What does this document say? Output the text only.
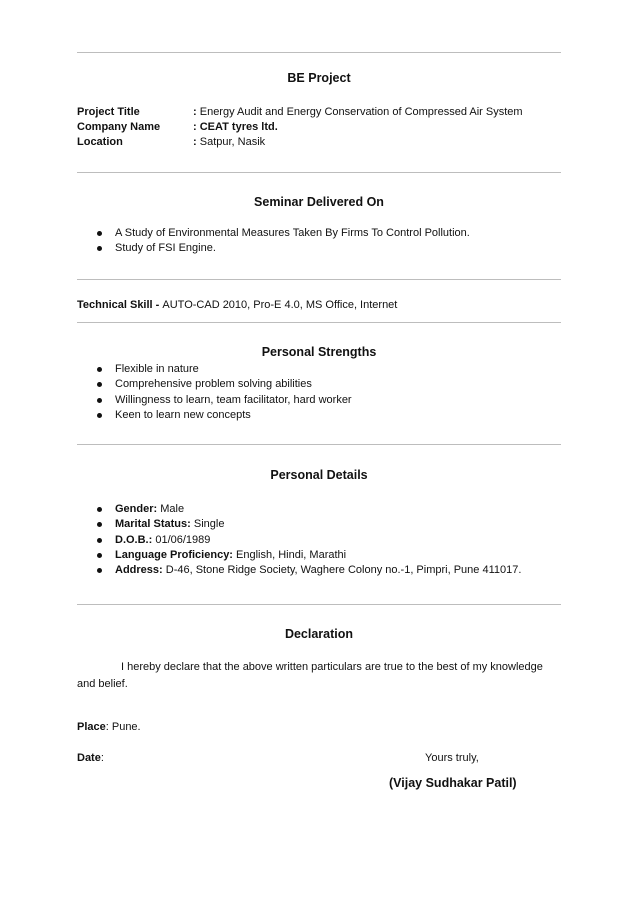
BE Project
Project Title	: Energy Audit and Energy Conservation of Compressed Air System
Company Name	: CEAT tyres ltd.
Location	: Satpur, Nasik
Seminar Delivered On
A Study of Environmental Measures Taken By Firms To Control Pollution.
Study of FSI Engine.
Technical Skill - AUTO-CAD 2010, Pro-E 4.0, MS Office, Internet
Personal Strengths
Flexible in nature
Comprehensive problem solving abilities
Willingness to learn, team facilitator, hard worker
Keen to learn new concepts
Personal Details
Gender: Male
Marital Status: Single
D.O.B.: 01/06/1989
Language Proficiency: English, Hindi, Marathi
Address: D-46, Stone Ridge Society, Waghere Colony no.-1, Pimpri, Pune 411017.
Declaration
I hereby declare that the above written particulars are true to the best of my knowledge and belief.
Place: Pune.
Date:	Yours truly,
(Vijay Sudhakar Patil)
